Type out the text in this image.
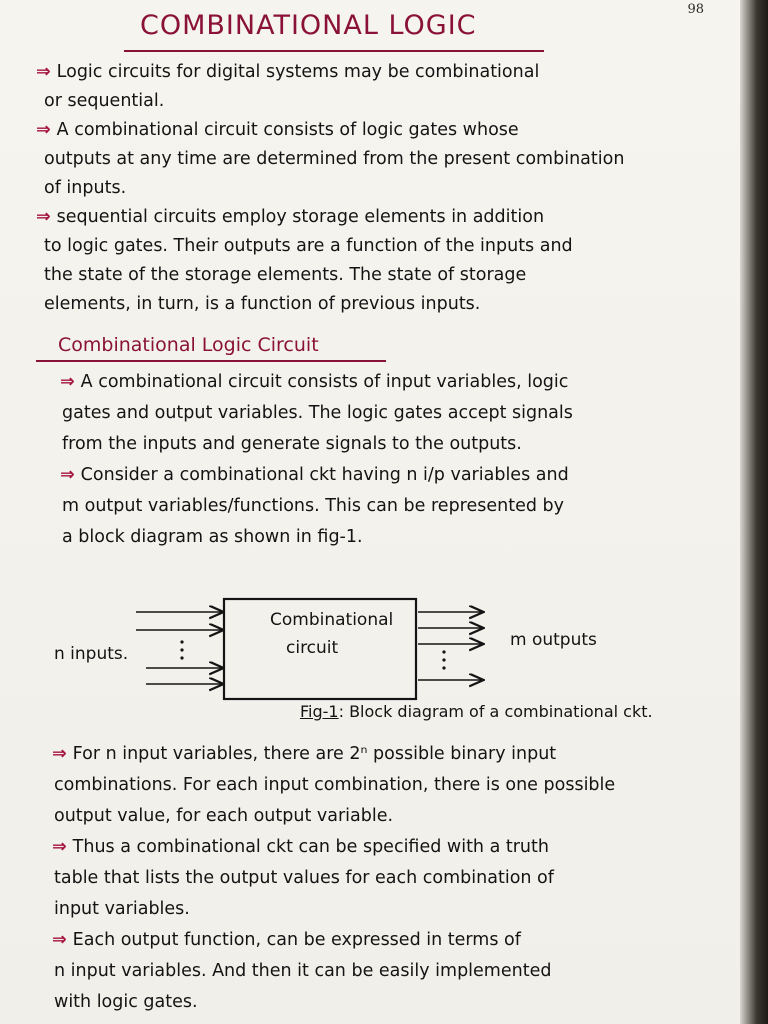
98
COMBINATIONAL LOGIC
⇒ Logic circuits for digital systems may be combinational
or sequential.
⇒ A combinational circuit consists of logic gates whose
outputs at any time are determined from the present combination
of inputs.
⇒ sequential circuits employ storage elements in addition
to logic gates. Their outputs are a function of the inputs and
the state of the storage elements. The state of storage
elements, in turn, is a function of previous inputs.
Combinational Logic Circuit
⇒ A combinational circuit consists of input variables, logic
gates and output variables. The logic gates accept signals
from the inputs and generate signals to the outputs.
⇒ Consider a combinational ckt having n i/p variables and
m output variables/functions. This can be represented by
a block diagram as shown in fig-1.
Combinational
circuit
n inputs.
m outputs
Fig-1: Block diagram of a combinational ckt.
⇒ For n input variables, there are 2ⁿ possible binary input
combinations. For each input combination, there is one possible
output value, for each output variable.
⇒ Thus a combinational ckt can be specified with a truth
table that lists the output values for each combination of
input variables.
⇒ Each output function, can be expressed in terms of
n input variables. And then it can be easily implemented
with logic gates.
